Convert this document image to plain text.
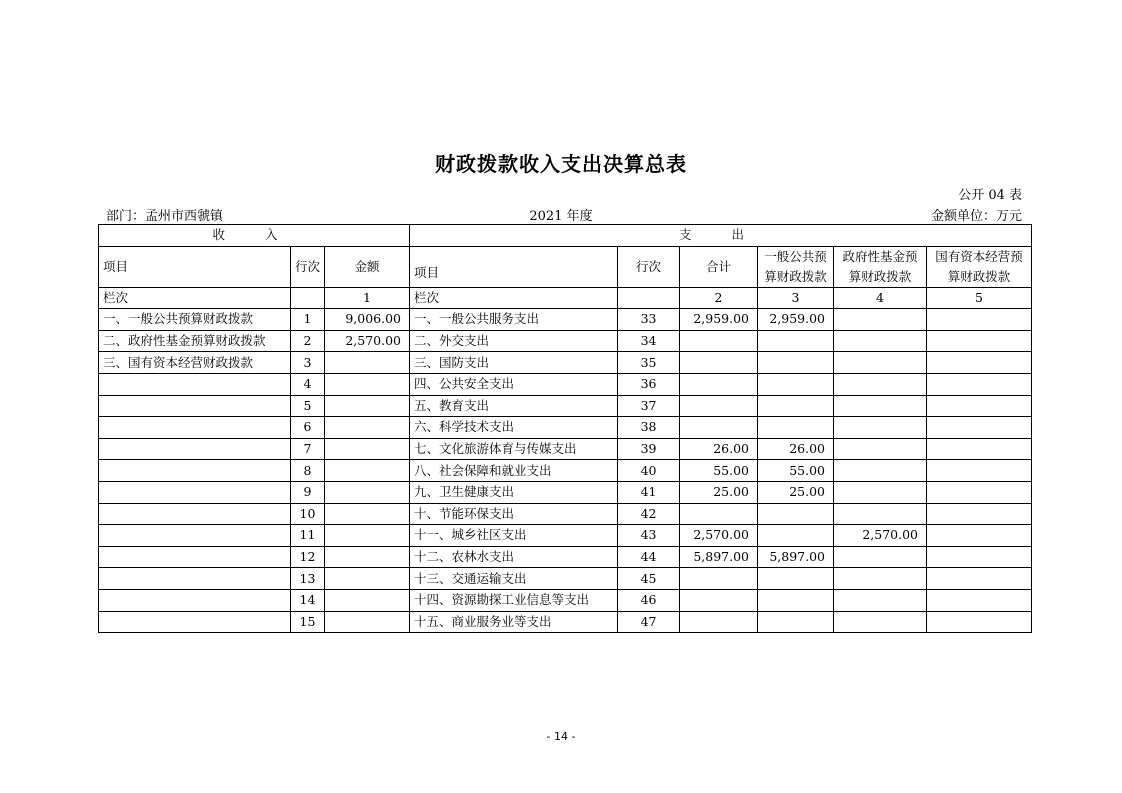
财政拨款收入支出决算总表
公开 04 表
部门：孟州市西虢镇	2021 年度	金额单位：万元
收 入			支 出					
项目	行次	金额	项目	行次	合计	一般公共预算财政拨款	政府性基金预算财政拨款	国有资本经营预算财政拨款
栏次		1	栏次		2	3	4	5
一、一般公共预算财政拨款	1	9,006.00	一、一般公共服务支出	33	2,959.00	2,959.00		
二、政府性基金预算财政拨款	2	2,570.00	二、外交支出	34				
三、国有资本经营财政拨款	3		三、国防支出	35				
	4		四、公共安全支出	36				
	5		五、教育支出	37				
	6		六、科学技术支出	38				
	7		七、文化旅游体育与传媒支出	39	26.00	26.00		
	8		八、社会保障和就业支出	40	55.00	55.00		
	9		九、卫生健康支出	41	25.00	25.00		
	10		十、节能环保支出	42				
	11		十一、城乡社区支出	43	2,570.00		2,570.00	
	12		十二、农林水支出	44	5,897.00	5,897.00		
	13		十三、交通运输支出	45				
	14		十四、资源勘探工业信息等支出	46				
	15		十五、商业服务业等支出	47				
- 14 -
